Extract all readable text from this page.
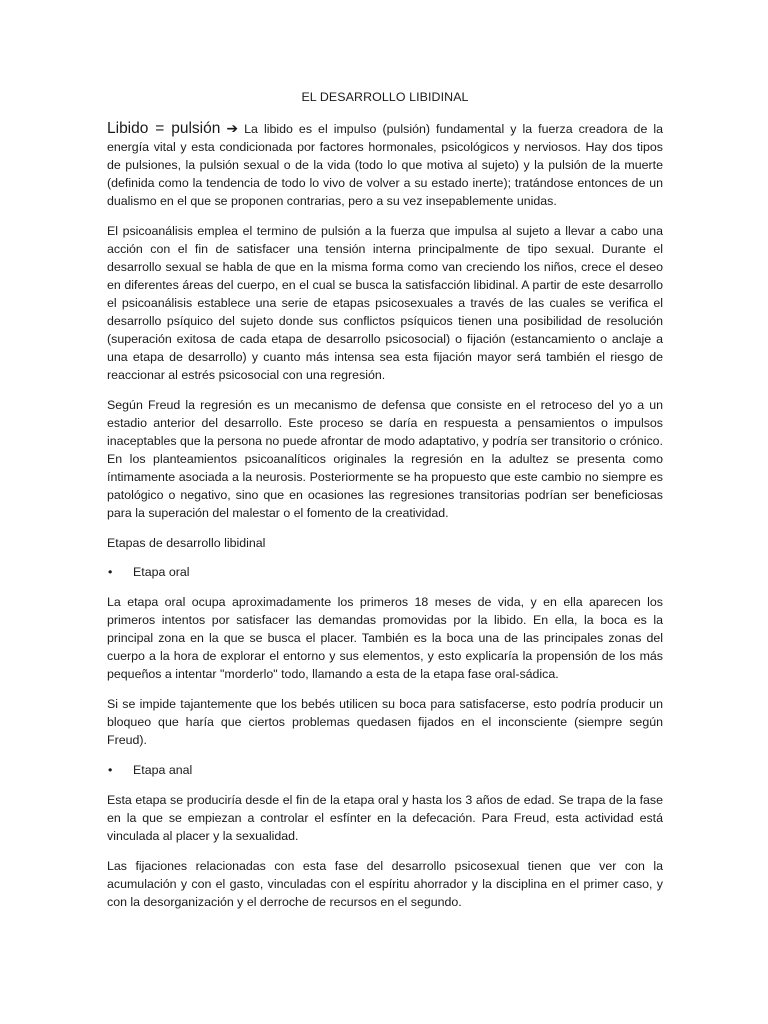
EL DESARROLLO LIBIDINAL

Libido = pulsión ➔ La libido es el impulso (pulsión) fundamental y la fuerza creadora de la energía vital y esta condicionada por factores hormonales, psicológicos y nerviosos. Hay dos tipos de pulsiones, la pulsión sexual o de la vida (todo lo que motiva al sujeto) y la pulsión de la muerte (definida como la tendencia de todo lo vivo de volver a su estado inerte); tratándose entonces de un dualismo en el que se proponen contrarias, pero a su vez insepablemente unidas.

El psicoanálisis emplea el termino de pulsión a la fuerza que impulsa al sujeto a llevar a cabo una acción con el fin de satisfacer una tensión interna principalmente de tipo sexual. Durante el desarrollo sexual se habla de que en la misma forma como van creciendo los niños, crece el deseo en diferentes áreas del cuerpo, en el cual se busca la satisfacción libidinal. A partir de este desarrollo el psicoanálisis establece una serie de etapas psicosexuales a través de las cuales se verifica el desarrollo psíquico del sujeto donde sus conflictos psíquicos tienen una posibilidad de resolución (superación exitosa de cada etapa de desarrollo psicosocial) o fijación (estancamiento o anclaje a una etapa de desarrollo) y cuanto más intensa sea esta fijación mayor será también el riesgo de reaccionar al estrés psicosocial con una regresión.

Según Freud la regresión es un mecanismo de defensa que consiste en el retroceso del yo a un estadio anterior del desarrollo. Este proceso se daría en respuesta a pensamientos o impulsos inaceptables que la persona no puede afrontar de modo adaptativo, y podría ser transitorio o crónico. En los planteamientos psicoanalíticos originales la regresión en la adultez se presenta como íntimamente asociada a la neurosis. Posteriormente se ha propuesto que este cambio no siempre es patológico o negativo, sino que en ocasiones las regresiones transitorias podrían ser beneficiosas para la superación del malestar o el fomento de la creatividad.

Etapas de desarrollo libidinal
• Etapa oral

La etapa oral ocupa aproximadamente los primeros 18 meses de vida, y en ella aparecen los primeros intentos por satisfacer las demandas promovidas por la libido. En ella, la boca es la principal zona en la que se busca el placer. También es la boca una de las principales zonas del cuerpo a la hora de explorar el entorno y sus elementos, y esto explicaría la propensión de los más pequeños a intentar "morderlo" todo, llamando a esta de la etapa fase oral-sádica.

Si se impide tajantemente que los bebés utilicen su boca para satisfacerse, esto podría producir un bloqueo que haría que ciertos problemas quedasen fijados en el inconsciente (siempre según Freud).

• Etapa anal

Esta etapa se produciría desde el fin de la etapa oral y hasta los 3 años de edad. Se trapa de la fase en la que se empiezan a controlar el esfínter en la defecación. Para Freud, esta actividad está vinculada al placer y la sexualidad.

Las fijaciones relacionadas con esta fase del desarrollo psicosexual tienen que ver con la acumulación y con el gasto, vinculadas con el espíritu ahorrador y la disciplina en el primer caso, y con la desorganización y el derroche de recursos en el segundo.
